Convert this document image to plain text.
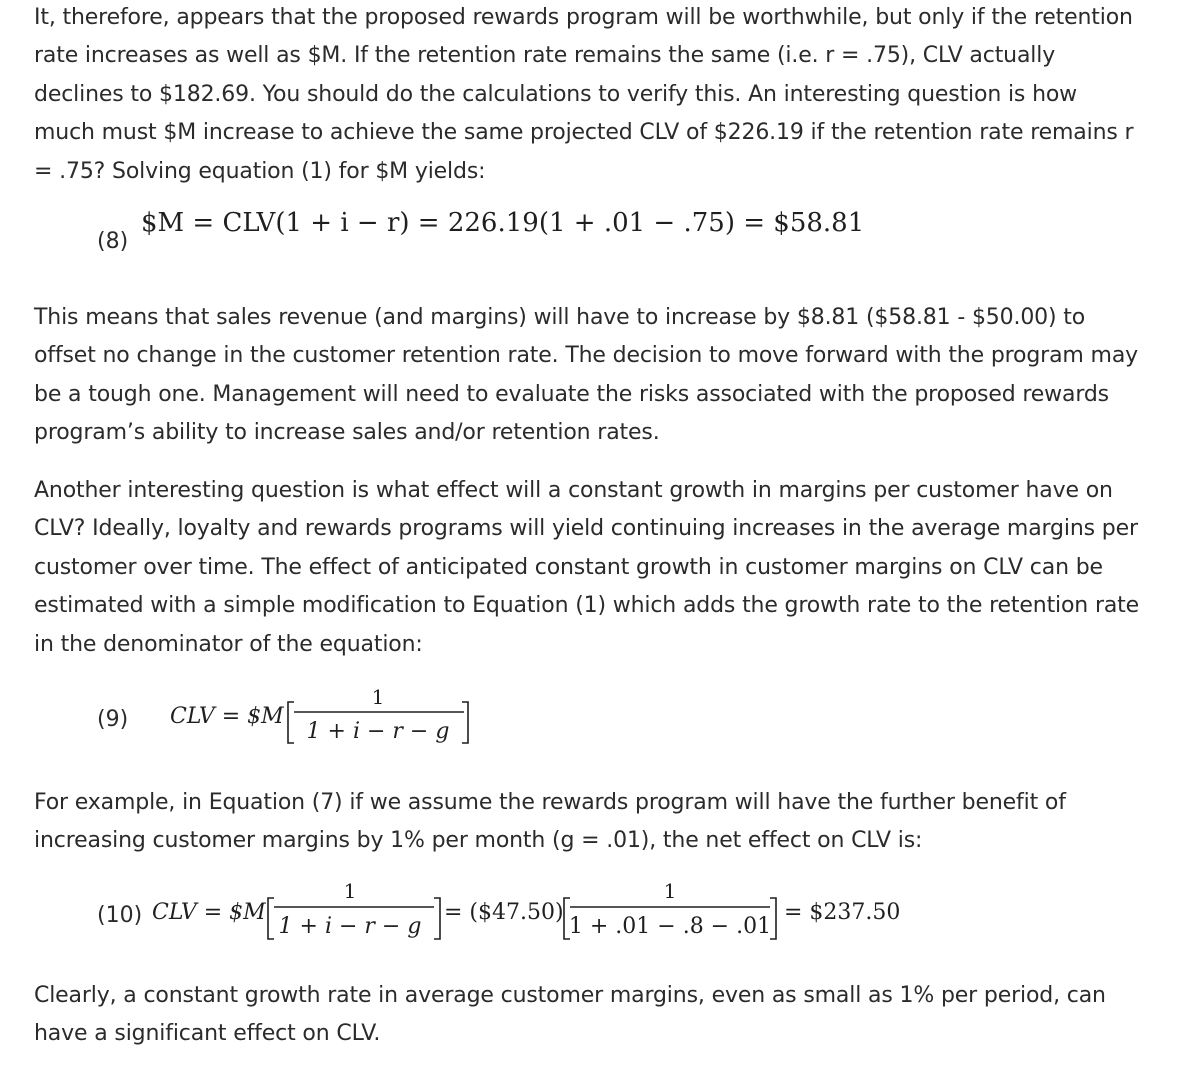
It, therefore, appears that the proposed rewards program will be worthwhile, but only if the retention rate increases as well as $M. If the retention rate remains the same (i.e. r = .75), CLV actually declines to $182.69. You should do the calculations to verify this. An interesting question is how much must $M increase to achieve the same projected CLV of $226.19 if the retention rate remains r = .75? Solving equation (1) for $M yields:

(8)
$M = CLV(1 + i − r) = 226.19(1 + .01 − .75) = $58.81

This means that sales revenue (and margins) will have to increase by $8.81 ($58.81 - $50.00) to offset no change in the customer retention rate. The decision to move forward with the program may be a tough one. Management will need to evaluate the risks associated with the proposed rewards program’s ability to increase sales and/or retention rates.

Another interesting question is what effect will a constant growth in margins per customer have on CLV? Ideally, loyalty and rewards programs will yield continuing increases in the average margins per customer over time. The effect of anticipated constant growth in customer margins on CLV can be estimated with a simple modification to Equation (1) which adds the growth rate to the retention rate in the denominator of the equation:

(9) CLV = $M
1
1 + i − r − g

For example, in Equation (7) if we assume the rewards program will have the further benefit of increasing customer margins by 1% per month (g = .01), the net effect on CLV is:

(10) CLV = $M
1
1 + i − r − g
= ($47.50)
1
1 + .01 − .8 − .01
= $237.50

Clearly, a constant growth rate in average customer margins, even as small as 1% per period, can have a significant effect on CLV.
